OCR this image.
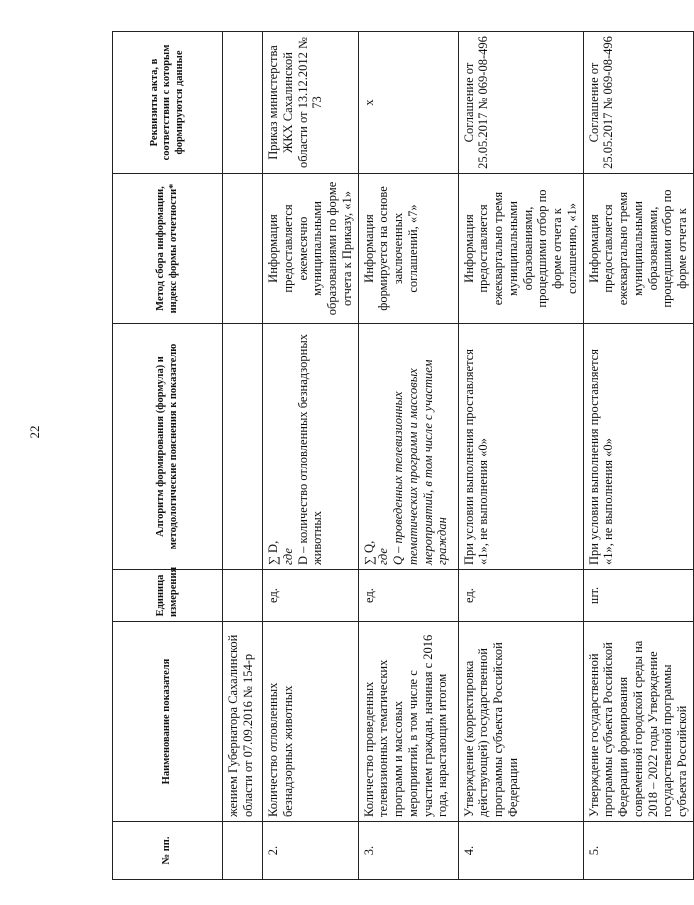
22
№ пп.	Наименование показателя	Единица измерения	Алгоритм формирования (формула) и методологические пояснения к показателю	Метод сбора информации, индекс формы отчетности*	Реквизиты акта, в соответствии с которым формируются данные
	жением Губернатора Сахалинской области от 07.09.2016 № 154-р				
2.	Количество отловленных безнадзорных животных	ед.	∑ D, где D – количество отловленных безнадзорных животных	Информация предоставляется ежемесячно муниципальными образованиями по форме отчета к Приказу, «1»	Приказ министерства ЖКХ Сахалинской области от 13.12.2012 № 73
3.	Количество проведенных телевизионных тематических программ и массовых мероприятий, в том числе с участием граждан, начиная с 2016 года, нарастающим итогом	ед.	∑ Q, где Q – проведенных телевизионных тематических программ и массовых мероприятий, в том числе с участием граждан	Информация формируется на основе заключенных соглашений, «7»	х
4.	Утверждение (корректировка действующей) государственной программы субъекта Российской Федерации	ед.	При условии выполнения проставляется «1», не выполнения «0»	Информация предоставляется ежеквартально тремя муниципальными образованиями, процедшими отбор по форме отчета к соглашению, «1»	Соглашение от 25.05.2017 № 069-08-496
5.	Утверждение государственной программы субъекта Российской Федерации формирования современной городской среды на 2018 – 2022 годы Утверждение государственной программы субъекта Российской	шт.	При условии выполнения проставляется «1», не выполнения «0»	Информация предоставляется ежеквартально тремя муниципальными образованиями, процедшими отбор по форме отчета к	Соглашение от 25.05.2017 № 069-08-496
